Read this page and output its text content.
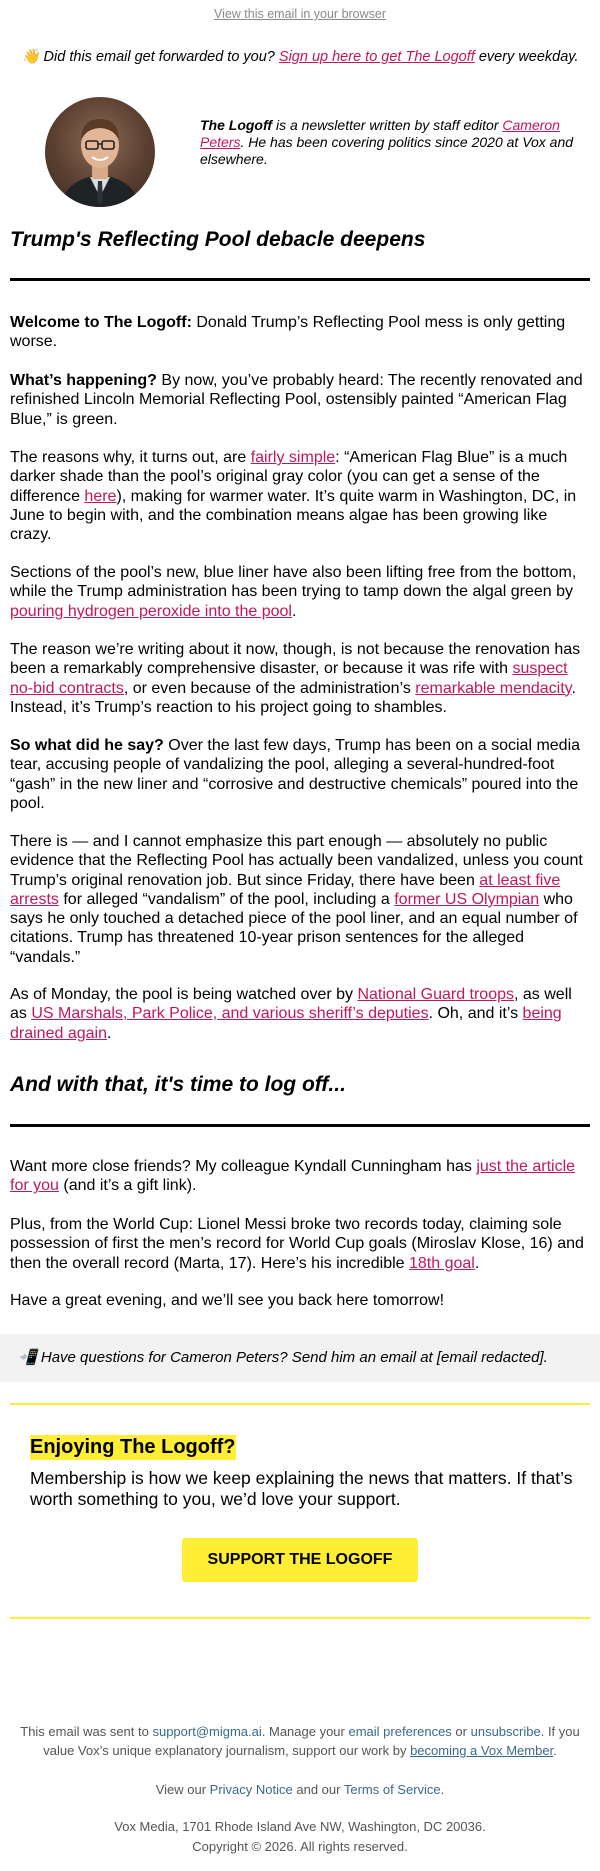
View this email in your browser
👋 Did this email get forwarded to you? Sign up here to get The Logoff every weekday.
The Logoff is a newsletter written by staff editor Cameron Peters. He has been covering politics since 2020 at Vox and elsewhere.
Trump's Reflecting Pool debacle deepens

Welcome to The Logoff: Donald Trump’s Reflecting Pool mess is only getting worse.

What’s happening? By now, you’ve probably heard: The recently renovated and refinished Lincoln Memorial Reflecting Pool, ostensibly painted “American Flag Blue,” is green.

The reasons why, it turns out, are fairly simple: “American Flag Blue” is a much darker shade than the pool’s original gray color (you can get a sense of the difference here), making for warmer water. It’s quite warm in Washington, DC, in June to begin with, and the combination means algae has been growing like crazy.

Sections of the pool’s new, blue liner have also been lifting free from the bottom, while the Trump administration has been trying to tamp down the algal green by pouring hydrogen peroxide into the pool.

The reason we’re writing about it now, though, is not because the renovation has been a remarkably comprehensive disaster, or because it was rife with suspect no-bid contracts, or even because of the administration’s remarkable mendacity. Instead, it’s Trump’s reaction to his project going to shambles.

So what did he say? Over the last few days, Trump has been on a social media tear, accusing people of vandalizing the pool, alleging a several-hundred-foot “gash” in the new liner and “corrosive and destructive chemicals” poured into the pool.

There is — and I cannot emphasize this part enough — absolutely no public evidence that the Reflecting Pool has actually been vandalized, unless you count Trump’s original renovation job. But since Friday, there have been at least five arrests for alleged “vandalism” of the pool, including a former US Olympian who says he only touched a detached piece of the pool liner, and an equal number of citations. Trump has threatened 10-year prison sentences for the alleged “vandals.”

As of Monday, the pool is being watched over by National Guard troops, as well as US Marshals, Park Police, and various sheriff’s deputies. Oh, and it’s being drained again.

And with that, it's time to log off...

Want more close friends? My colleague Kyndall Cunningham has just the article for you (and it’s a gift link).

Plus, from the World Cup: Lionel Messi broke two records today, claiming sole possession of first the men’s record for World Cup goals (Miroslav Klose, 16) and then the overall record (Marta, 17). Here’s his incredible 18th goal.

Have a great evening, and we’ll see you back here tomorrow!

📲 Have questions for Cameron Peters? Send him an email at [email redacted].
Enjoying The Logoff?
Membership is how we keep explaining the news that matters. If that’s worth something to you, we’d love your support.
SUPPORT THE LOGOFF
This email was sent to support@migma.ai. Manage your email preferences or unsubscribe. If you value Vox’s unique explanatory journalism, support our work by becoming a Vox Member.
View our Privacy Notice and our Terms of Service.
Vox Media, 1701 Rhode Island Ave NW, Washington, DC 20036.
Copyright © 2026. All rights reserved.
